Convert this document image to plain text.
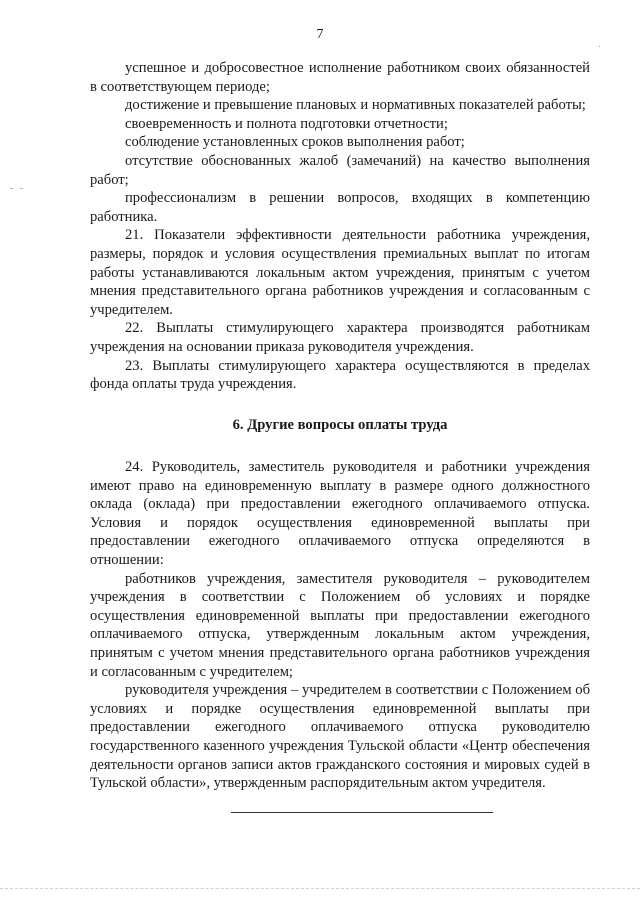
7
- -
·

успешное и добросовестное исполнение работником своих обязанностей в соответствующем периоде;

достижение и превышение плановых и нормативных показателей работы;

своевременность и полнота подготовки отчетности;

соблюдение установленных сроков выполнения работ;

отсутствие обоснованных жалоб (замечаний) на качество выполнения работ;

профессионализм в решении вопросов, входящих в компетенцию работника.

21. Показатели эффективности деятельности работника учреждения, размеры, порядок и условия осуществления премиальных выплат по итогам работы устанавливаются локальным актом учреждения, принятым с учетом мнения представительного органа работников учреждения и согласованным с учредителем.

22. Выплаты стимулирующего характера производятся работникам учреждения на основании приказа руководителя учреждения.

23. Выплаты стимулирующего характера осуществляются в пределах фонда оплаты труда учреждения.

6. Другие вопросы оплаты труда

24. Руководитель, заместитель руководителя и работники учреждения имеют право на единовременную выплату в размере одного должностного оклада (оклада) при предоставлении ежегодного оплачиваемого отпуска. Условия и порядок осуществления единовременной выплаты при предоставлении ежегодного оплачиваемого отпуска определяются в отношении:

работников учреждения, заместителя руководителя – руководителем учреждения в соответствии с Положением об условиях и порядке осуществления единовременной выплаты при предоставлении ежегодного оплачиваемого отпуска, утвержденным локальным актом учреждения, принятым с учетом мнения представительного органа работников учреждения и согласованным с учредителем;

руководителя учреждения – учредителем в соответствии с Положением об условиях и порядке осуществления единовременной выплаты при предоставлении ежегодного оплачиваемого отпуска руководителю государственного казенного учреждения Тульской области «Центр обеспечения деятельности органов записи актов гражданского состояния и мировых судей в Тульской области», утвержденным распорядительным актом учредителя.
